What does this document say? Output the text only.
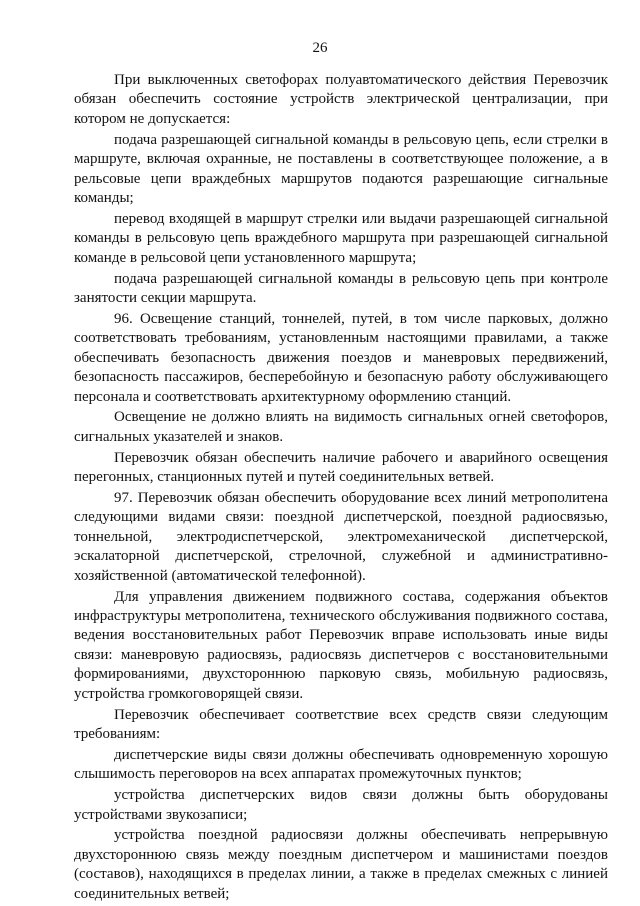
26

При выключенных светофорах полуавтоматического действия Перевозчик обязан обеспечить состояние устройств электрической централизации, при котором не допускается:

подача разрешающей сигнальной команды в рельсовую цепь, если стрелки в маршруте, включая охранные, не поставлены в соответствующее положение, а в рельсовые цепи враждебных маршрутов подаются разрешающие сигнальные команды;

перевод входящей в маршрут стрелки или выдачи разрешающей сигнальной команды в рельсовую цепь враждебного маршрута при разрешающей сигнальной команде в рельсовой цепи установленного маршрута;

подача разрешающей сигнальной команды в рельсовую цепь при контроле занятости секции маршрута.

96. Освещение станций, тоннелей, путей, в том числе парковых, должно соответствовать требованиям, установленным настоящими правилами, а также обеспечивать безопасность движения поездов и маневровых передвижений, безопасность пассажиров, бесперебойную и безопасную работу обслуживающего персонала и соответствовать архитектурному оформлению станций.

Освещение не должно влиять на видимость сигнальных огней светофоров, сигнальных указателей и знаков.

Перевозчик обязан обеспечить наличие рабочего и аварийного освещения перегонных, станционных путей и путей соединительных ветвей.

97. Перевозчик обязан обеспечить оборудование всех линий метрополитена следующими видами связи: поездной диспетчерской, поездной радиосвязью, тоннельной, электродиспетчерской, электромеханической диспетчерской, эскалаторной диспетчерской, стрелочной, служебной и административно-хозяйственной (автоматической телефонной).

Для управления движением подвижного состава, содержания объектов инфраструктуры метрополитена, технического обслуживания подвижного состава, ведения восстановительных работ Перевозчик вправе использовать иные виды связи: маневровую радиосвязь, радиосвязь диспетчеров с восстановительными формированиями, двухстороннюю парковую связь, мобильную радиосвязь, устройства громкоговорящей связи.

Перевозчик обеспечивает соответствие всех средств связи следующим требованиям:

диспетчерские виды связи должны обеспечивать одновременную хорошую слышимость переговоров на всех аппаратах промежуточных пунктов;

устройства диспетчерских видов связи должны быть оборудованы устройствами звукозаписи;

устройства поездной радиосвязи должны обеспечивать непрерывную двухстороннюю связь между поездным диспетчером и машинистами поездов (составов), находящихся в пределах линии, а также в пределах смежных с линией соединительных ветвей;
